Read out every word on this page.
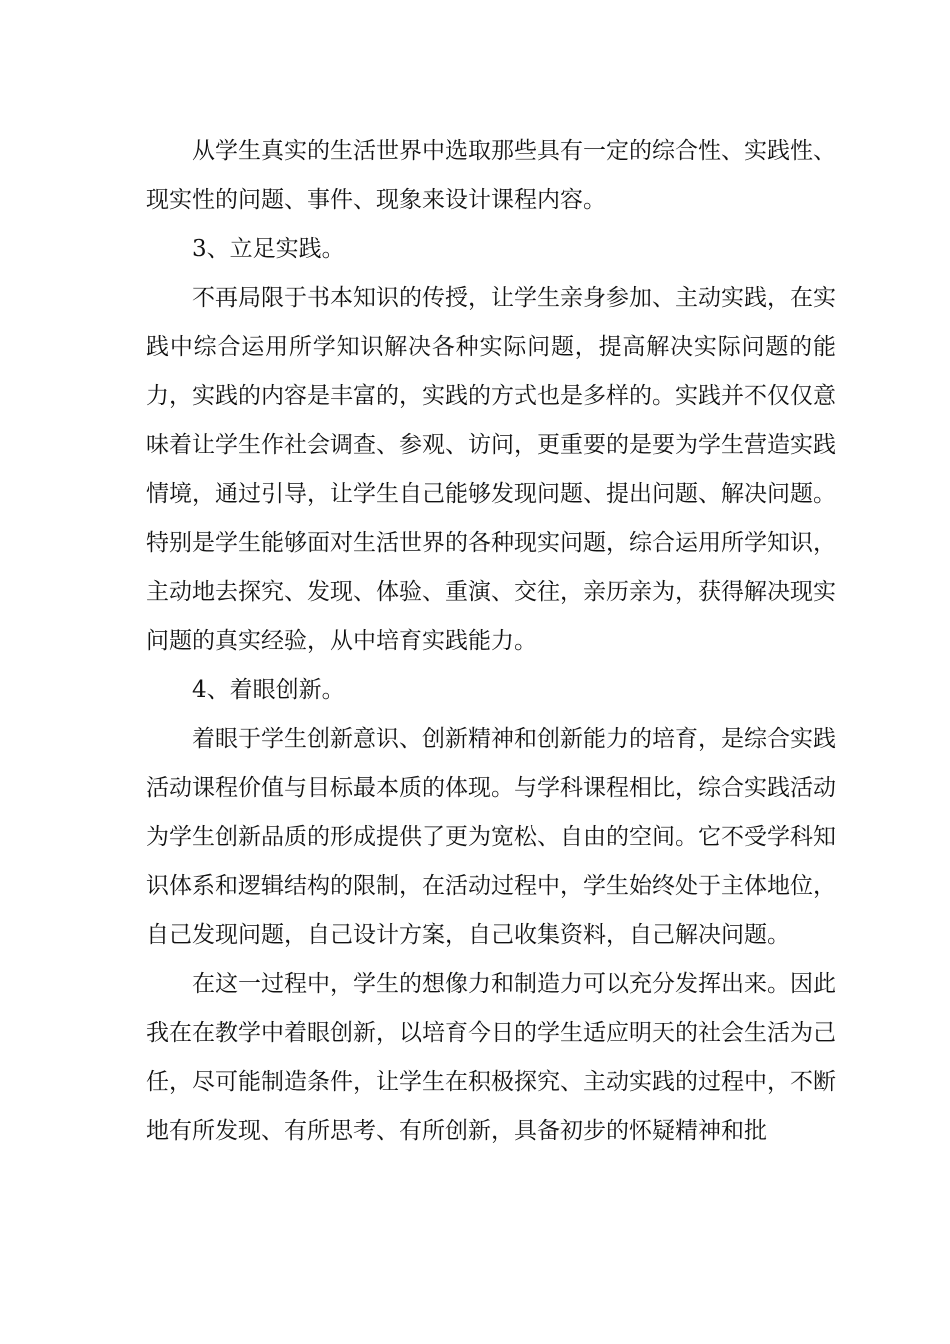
从学生真实的生活世界中选取那些具有一定的综合性、实践性、现实性的问题、事件、现象来设计课程内容。

3、立足实践。

不再局限于书本知识的传授，让学生亲身参加、主动实践，在实践中综合运用所学知识解决各种实际问题，提高解决实际问题的能力，实践的内容是丰富的，实践的方式也是多样的。实践并不仅仅意味着让学生作社会调查、参观、访问，更重要的是要为学生营造实践情境，通过引导，让学生自己能够发现问题、提出问题、解决问题。特别是学生能够面对生活世界的各种现实问题，综合运用所学知识，主动地去探究、发现、体验、重演、交往，亲历亲为，获得解决现实问题的真实经验，从中培育实践能力。

4、着眼创新。

着眼于学生创新意识、创新精神和创新能力的培育，是综合实践活动课程价值与目标最本质的体现。与学科课程相比，综合实践活动为学生创新品质的形成提供了更为宽松、自由的空间。它不受学科知识体系和逻辑结构的限制，在活动过程中，学生始终处于主体地位，自己发现问题，自己设计方案，自己收集资料，自己解决问题。

在这一过程中，学生的想像力和制造力可以充分发挥出来。因此我在在教学中着眼创新，以培育今日的学生适应明天的社会生活为己任，尽可能制造条件，让学生在积极探究、主动实践的过程中，不断地有所发现、有所思考、有所创新，具备初步的怀疑精神和批
